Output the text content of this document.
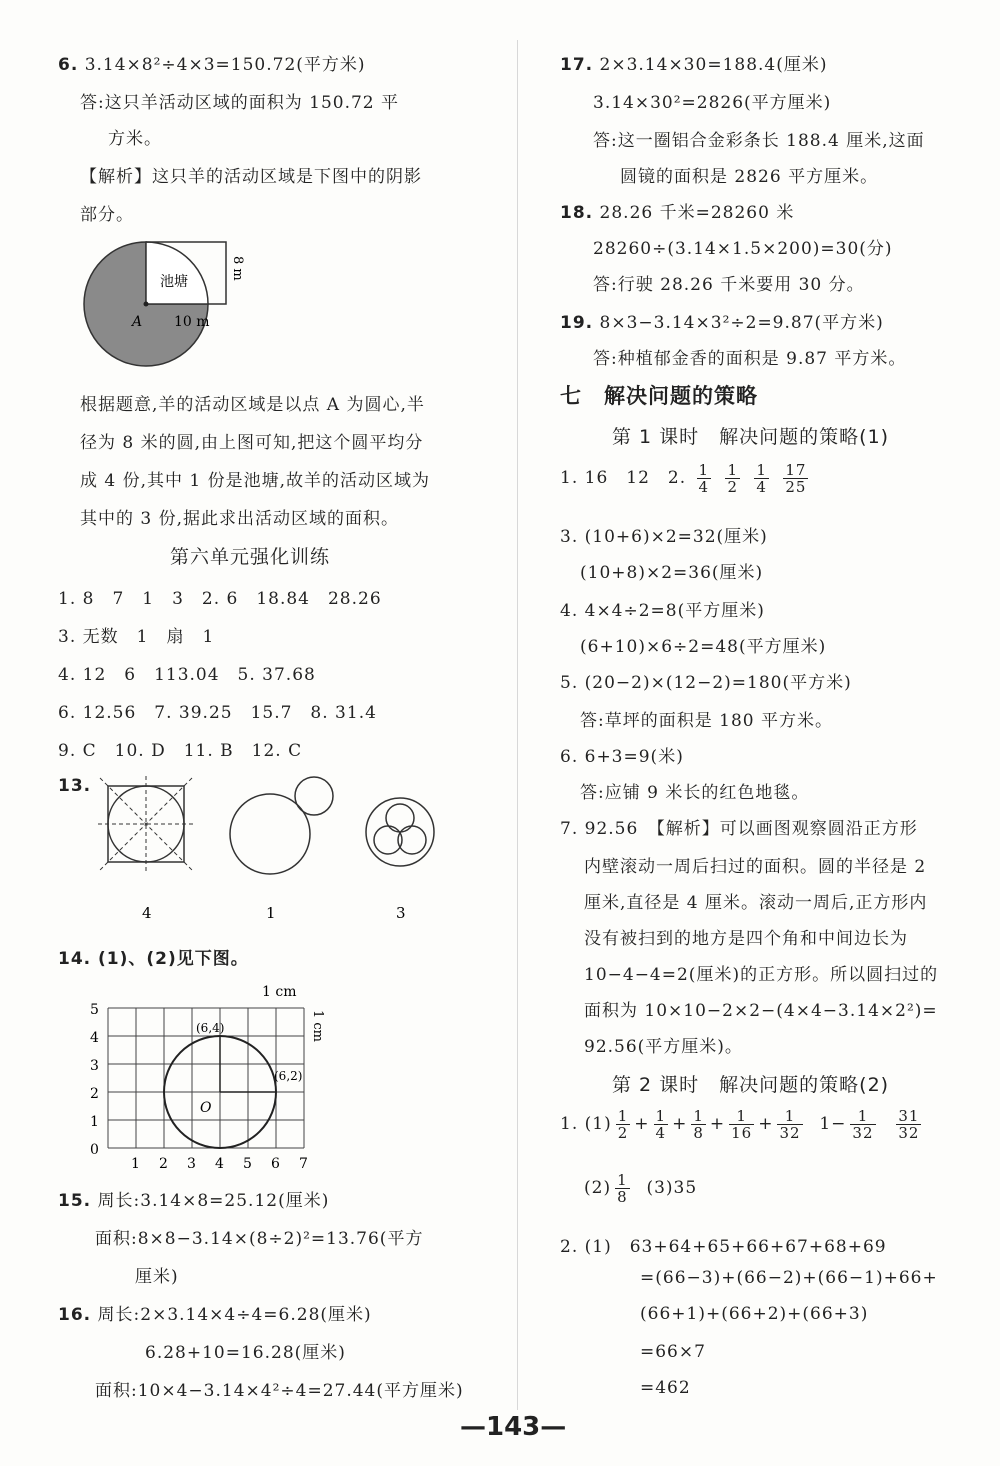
6. 3.14×8²÷4×3=150.72(平方米)
答:这只羊活动区域的面积为 150.72 平
方米。
【解析】这只羊的活动区域是下图中的阴影
部分。
池塘
8 m
A 10 m
根据题意,羊的活动区域是以点 A 为圆心,半
径为 8 米的圆,由上图可知,把这个圆平均分
成 4 份,其中 1 份是池塘,故羊的活动区域为
其中的 3 份,据此求出活动区域的面积。
第六单元强化训练
1. 8　7　1　3　2. 6　18.84　28.26
3. 无数　1　扇　1
4. 12　6　113.04　5. 37.68
6. 12.56　7. 39.25　15.7　8. 31.4
9. C　10. D　11. B　12. C
13.
4	1	3
14. (1)、(2)见下图。
O
(6,4)
(6,2)
1 cm
1 cm
0
1
2
3
4
5
1 2 3 4 5 6 7
15. 周长:3.14×8=25.12(厘米)
面积:8×8−3.14×(8÷2)²=13.76(平方
厘米)
16. 周长:2×3.14×4÷4=6.28(厘米)
6.28+10=16.28(厘米)
面积:10×4−3.14×4²÷4=27.44(平方厘米)
17. 2×3.14×30=188.4(厘米)
3.14×30²=2826(平方厘米)
答:这一圈铝合金彩条长 188.4 厘米,这面
圆镜的面积是 2826 平方厘米。
18. 28.26 千米=28260 米
28260÷(3.14×1.5×200)=30(分)
答:行驶 28.26 千米要用 30 分。
19. 8×3−3.14×3²÷2=9.87(平方米)
答:种植郁金香的面积是 9.87 平方米。
七　解决问题的策略
第 1 课时　解决问题的策略(1)
1. 16　12　2. $\frac{1}{4}$
$\frac{1}{2}$
$\frac{1}{4}$
$\frac{17}{25}$
3. (10+6)×2=32(厘米)
(10+8)×2=36(厘米)
4. 4×4÷2=8(平方厘米)
(6+10)×6÷2=48(平方厘米)
5. (20−2)×(12−2)=180(平方米)
答:草坪的面积是 180 平方米。
6. 6+3=9(米)
答:应铺 9 米长的红色地毯。
7. 92.56　【解析】可以画图观察圆沿正方形
内壁滚动一周后扫过的面积。圆的半径是 2
厘米,直径是 4 厘米。滚动一周后,正方形内
没有被扫到的地方是四个角和中间边长为
10−4−4=2(厘米)的正方形。所以圆扫过的
面积为 10×10−2×2−(4×4−3.14×2²)=
92.56(平方厘米)。
第 2 课时　解决问题的策略(2)
1. $(1) \frac{1}{2} + \frac{1}{4} + \frac{1}{8} + \frac{1}{16} + \frac{1}{32} 1- \frac{1}{32}$
$\frac{31}{32}$
$(2) \frac{1}{8} (3)35$
2. (1)　63+64+65+66+67+68+69
=(66−3)+(66−2)+(66−1)+66+
(66+1)+(66+2)+(66+3)
=66×7
=462
—143—
